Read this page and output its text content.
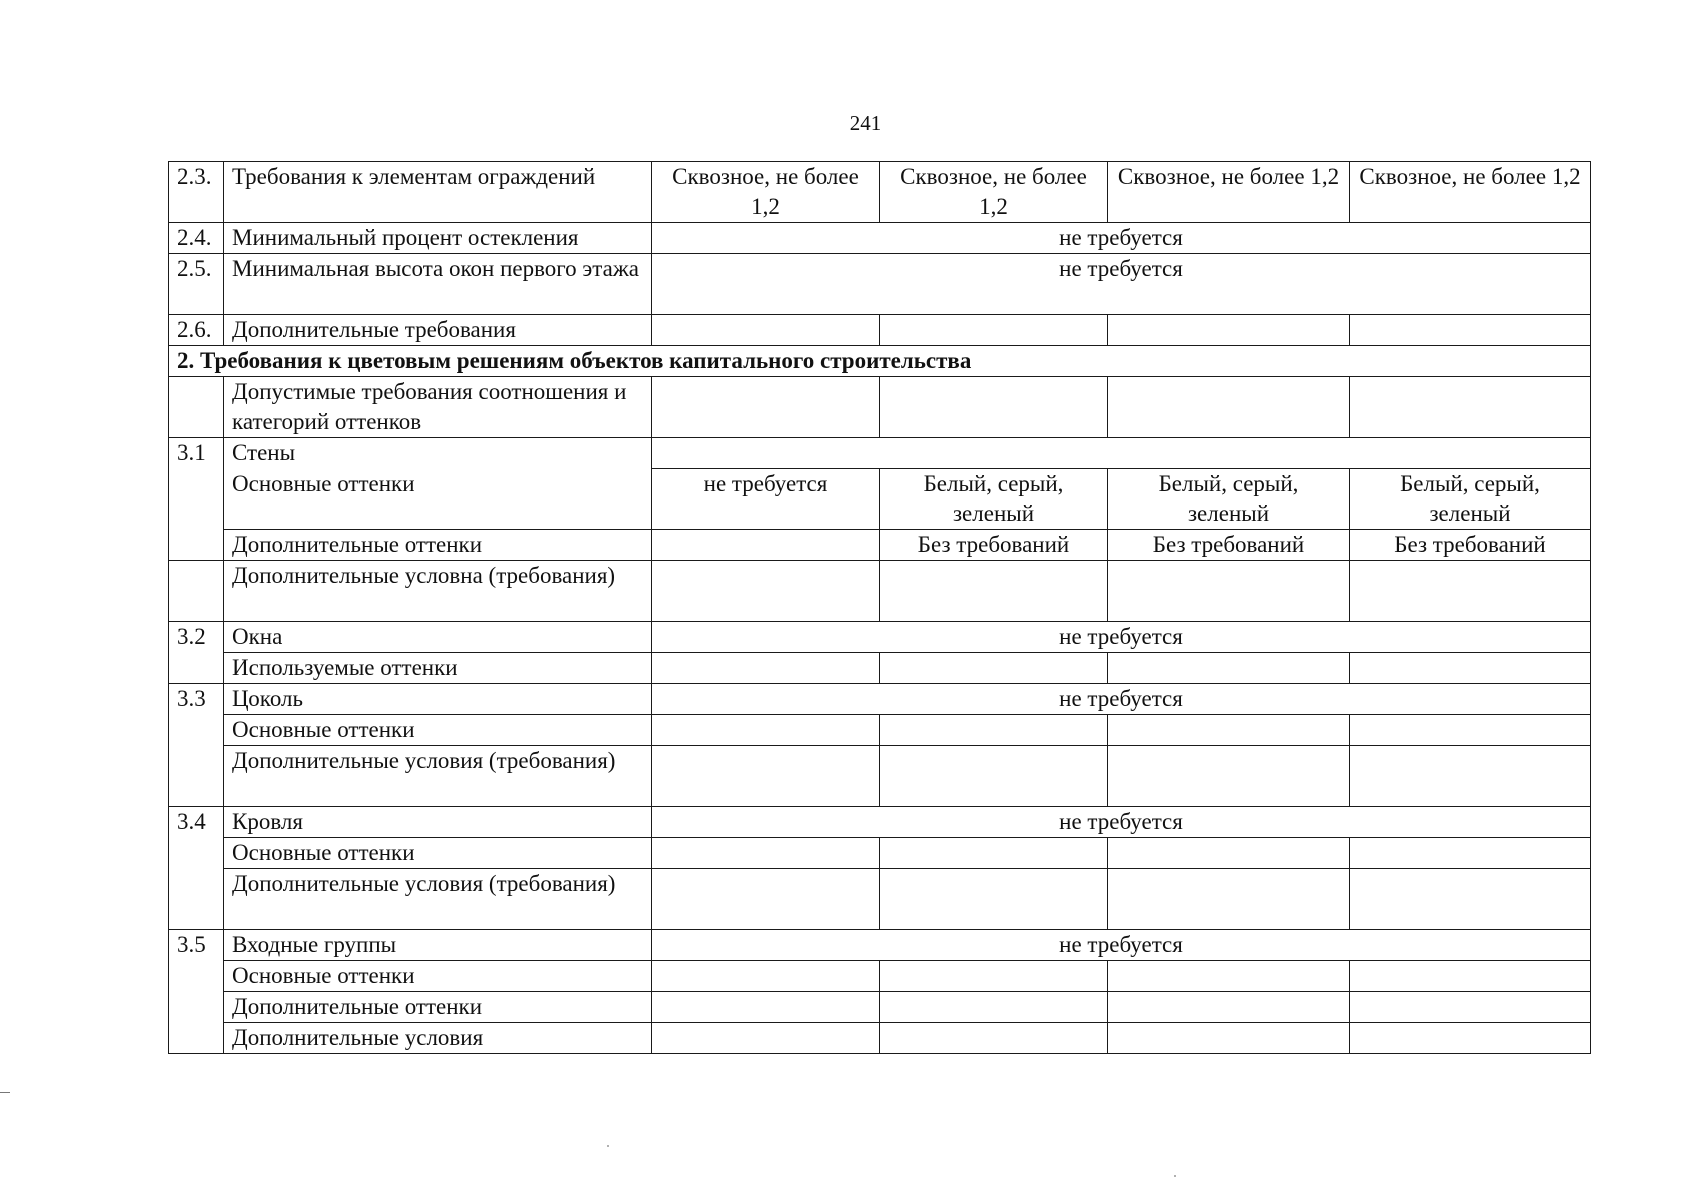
241
2.3.	Требования к элементам ограждений	Сквозное, не более 1,2	Сквозное, не более 1,2	Сквозное, не более 1,2	Сквозное, не более 1,2
2.4.	Минимальный процент остекления	не требуется			
2.5.	Минимальная высота окон первого этажа	не требуется			
2.6.	Дополнительные требования				
2. Требования к цветовым решениям объектов капитального строительства					
	Допустимые требования соотношения и категорий оттенков				
3.1	Стены				
	Основные оттенки	не требуется	Белый, серый, зеленый	Белый, серый, зеленый	Белый, серый, зеленый
	Дополнительные оттенки		Без требований	Без требований	Без требований
	Дополнительные условна (требования)				
3.2	Окна	не требуется			
	Используемые оттенки				
3.3	Цоколь	не требуется			
	Основные оттенки				
	Дополнительные условия (требования)				
3.4	Кровля	не требуется			
	Основные оттенки				
	Дополнительные условия (требования)				
3.5	Входные группы	не требуется			
	Основные оттенки				
	Дополнительные оттенки				
	Дополнительные условия				
